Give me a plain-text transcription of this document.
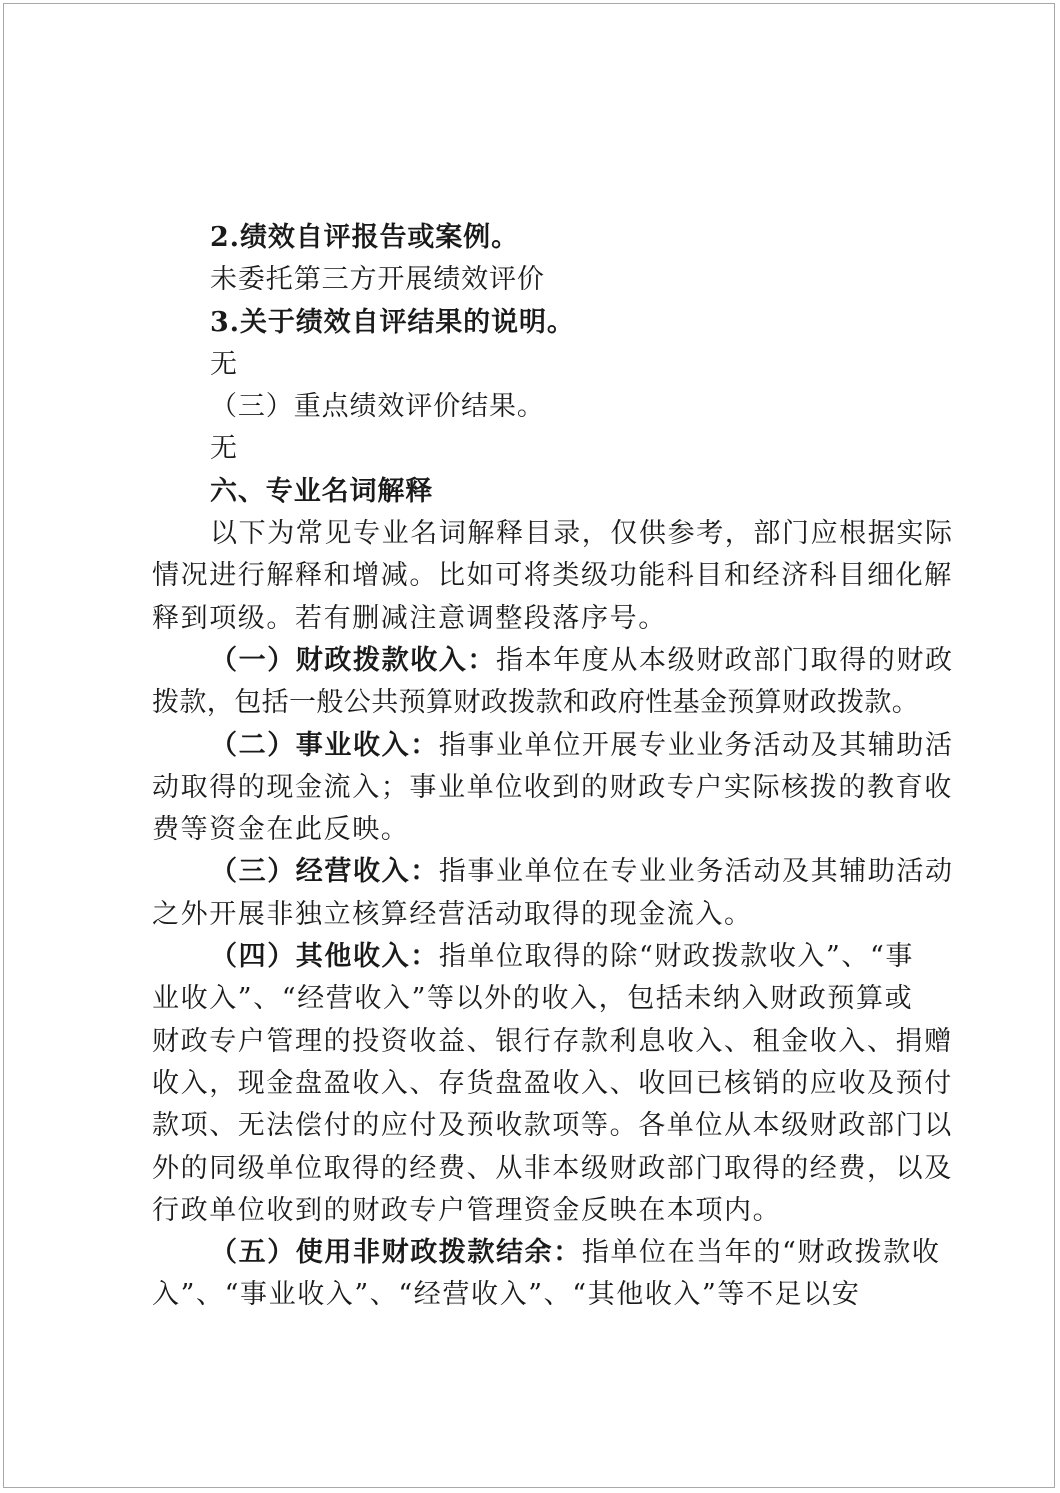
2.绩效自评报告或案例。
未委托第三方开展绩效评价
3.关于绩效自评结果的说明。
无
（三）重点绩效评价结果。
无
六、专业名词解释
以下为常见专业名词解释目录，仅供参考，部门应根据实际
情况进行解释和增减。比如可将类级功能科目和经济科目细化解
释到项级。若有删减注意调整段落序号。
（一）财政拨款收入：指本年度从本级财政部门取得的财政
拨款，包括一般公共预算财政拨款和政府性基金预算财政拨款。
（二）事业收入：指事业单位开展专业业务活动及其辅助活
动取得的现金流入；事业单位收到的财政专户实际核拨的教育收
费等资金在此反映。
（三）经营收入：指事业单位在专业业务活动及其辅助活动
之外开展非独立核算经营活动取得的现金流入。
（四）其他收入：指单位取得的除“财政拨款收入”、“事
业收入”、“经营收入”等以外的收入，包括未纳入财政预算或
财政专户管理的投资收益、银行存款利息收入、租金收入、捐赠
收入，现金盘盈收入、存货盘盈收入、收回已核销的应收及预付
款项、无法偿付的应付及预收款项等。各单位从本级财政部门以
外的同级单位取得的经费、从非本级财政部门取得的经费，以及
行政单位收到的财政专户管理资金反映在本项内。
（五）使用非财政拨款结余：指单位在当年的“财政拨款收
入”、“事业收入”、“经营收入”、“其他收入”等不足以安
